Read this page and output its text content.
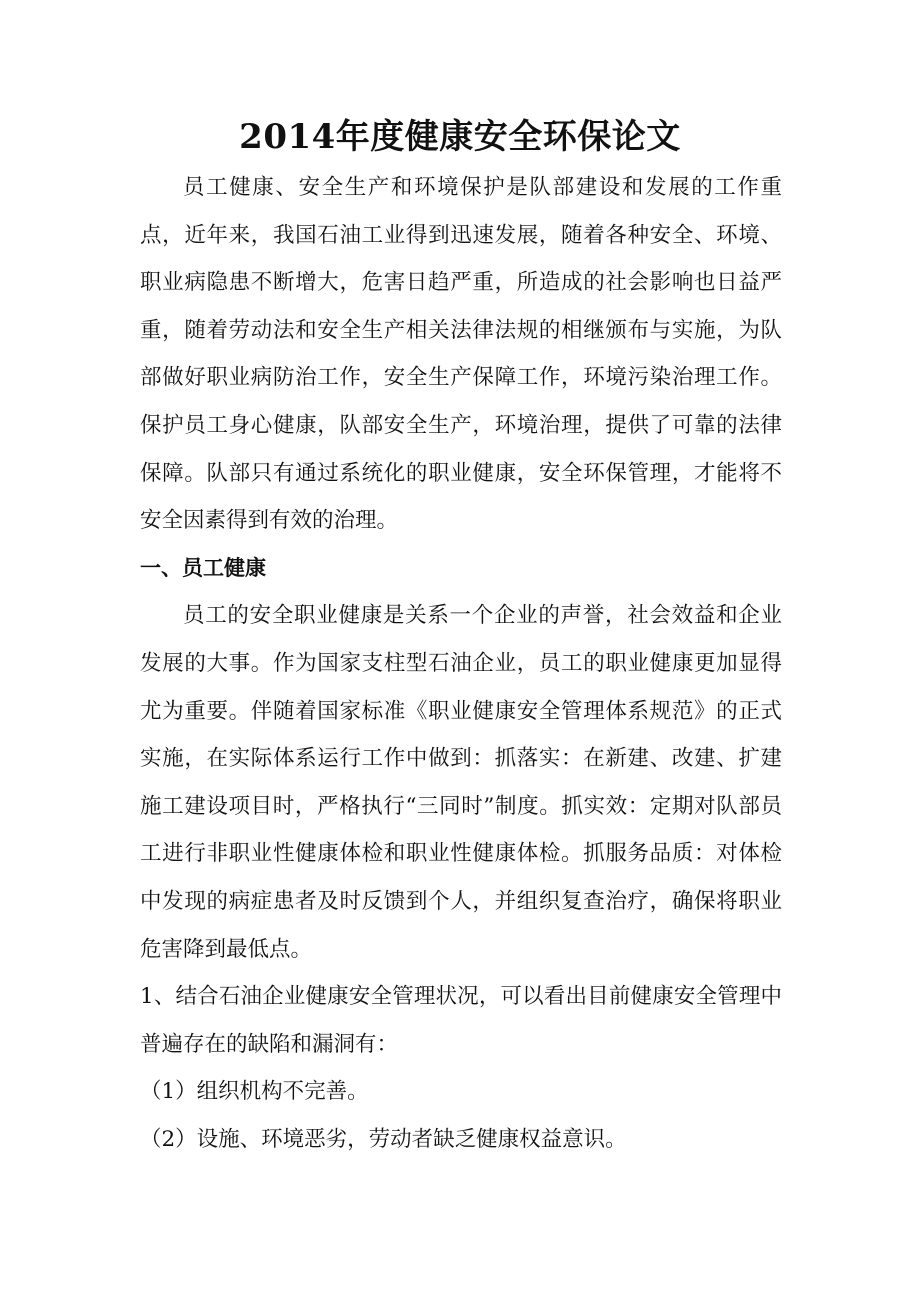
2014年度健康安全环保论文

员工健康、安全生产和环境保护是队部建设和发展的工作重点，近年来，我国石油工业得到迅速发展，随着各种安全、环境、职业病隐患不断增大，危害日趋严重，所造成的社会影响也日益严重，随着劳动法和安全生产相关法律法规的相继颁布与实施，为队部做好职业病防治工作，安全生产保障工作，环境污染治理工作。保护员工身心健康，队部安全生产，环境治理，提供了可靠的法律保障。队部只有通过系统化的职业健康，安全环保管理，才能将不安全因素得到有效的治理。

一、员工健康

员工的安全职业健康是关系一个企业的声誉，社会效益和企业发展的大事。作为国家支柱型石油企业，员工的职业健康更加显得尤为重要。伴随着国家标准《职业健康安全管理体系规范》的正式实施，在实际体系运行工作中做到：抓落实：在新建、改建、扩建施工建设项目时，严格执行“三同时”制度。抓实效：定期对队部员工进行非职业性健康体检和职业性健康体检。抓服务品质：对体检中发现的病症患者及时反馈到个人，并组织复查治疗，确保将职业危害降到最低点。

1、结合石油企业健康安全管理状况，可以看出目前健康安全管理中普遍存在的缺陷和漏洞有：

（1）组织机构不完善。

（2）设施、环境恶劣，劳动者缺乏健康权益意识。
